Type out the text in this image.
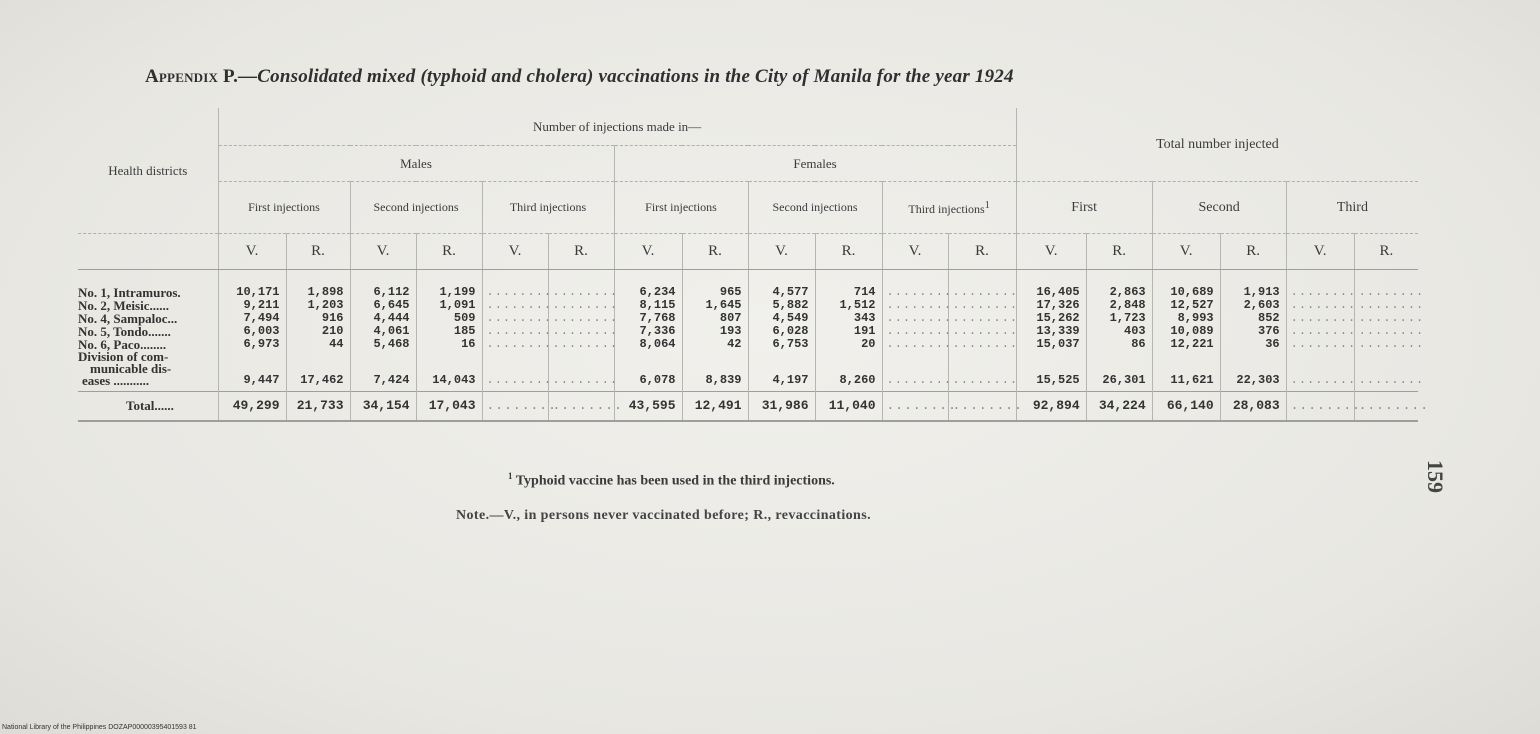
Appendix P.—Consolidated mixed (typhoid and cholera) vaccinations in the City of Manila for the year 1924
Health districts	Number of injections made in—												Total number injected					
	Males						Females											
	First injections		Second injections		Third injections		First injections		Second injections		Third injections$^1$		First		Second		Third	
	V.	R.	V.	R.	V.	R.	V.	R.	V.	R.	V.	R.	V.	R.	V.	R.	V.	R.
No. 1, Intramuros.	10,171	1,898	6,112	1,199	........	........	6,234	965	4,577	714	........	........	16,405	2,863	10,689	1,913	........	........
No. 2, Meisic......	9,211	1,203	6,645	1,091	........	........	8,115	1,645	5,882	1,512	........	........	17,326	2,848	12,527	2,603	........	........
No. 4, Sampaloc...	7,494	916	4,444	509	........	........	7,768	807	4,549	343	........	........	15,262	1,723	8,993	852	........	........
No. 5, Tondo.......	6,003	210	4,061	185	........	........	7,336	193	6,028	191	........	........	13,339	403	10,089	376	........	........
No. 6, Paco........	6,973	44	5,468	16	........	........	8,064	42	6,753	20	........	........	15,037	86	12,221	36	........	........

Division of com-
municable dis-
eases ...........	9,447	17,462	7,424	14,043	........	........	6,078	8,839	4,197	8,260	........	........	15,525	26,301	11,621	22,303	........	........
Total......	49,299	21,733	34,154	17,043	........	........	43,595	12,491	31,986	11,040	........	........	92,894	34,224	66,140	28,083	........	........
$^1$ Typhoid vaccine has been used in the third injections.
Note.—V., in persons never vaccinated before; R., revaccinations.
159
National Library of the Philippines DOZAP00000395401593 81
